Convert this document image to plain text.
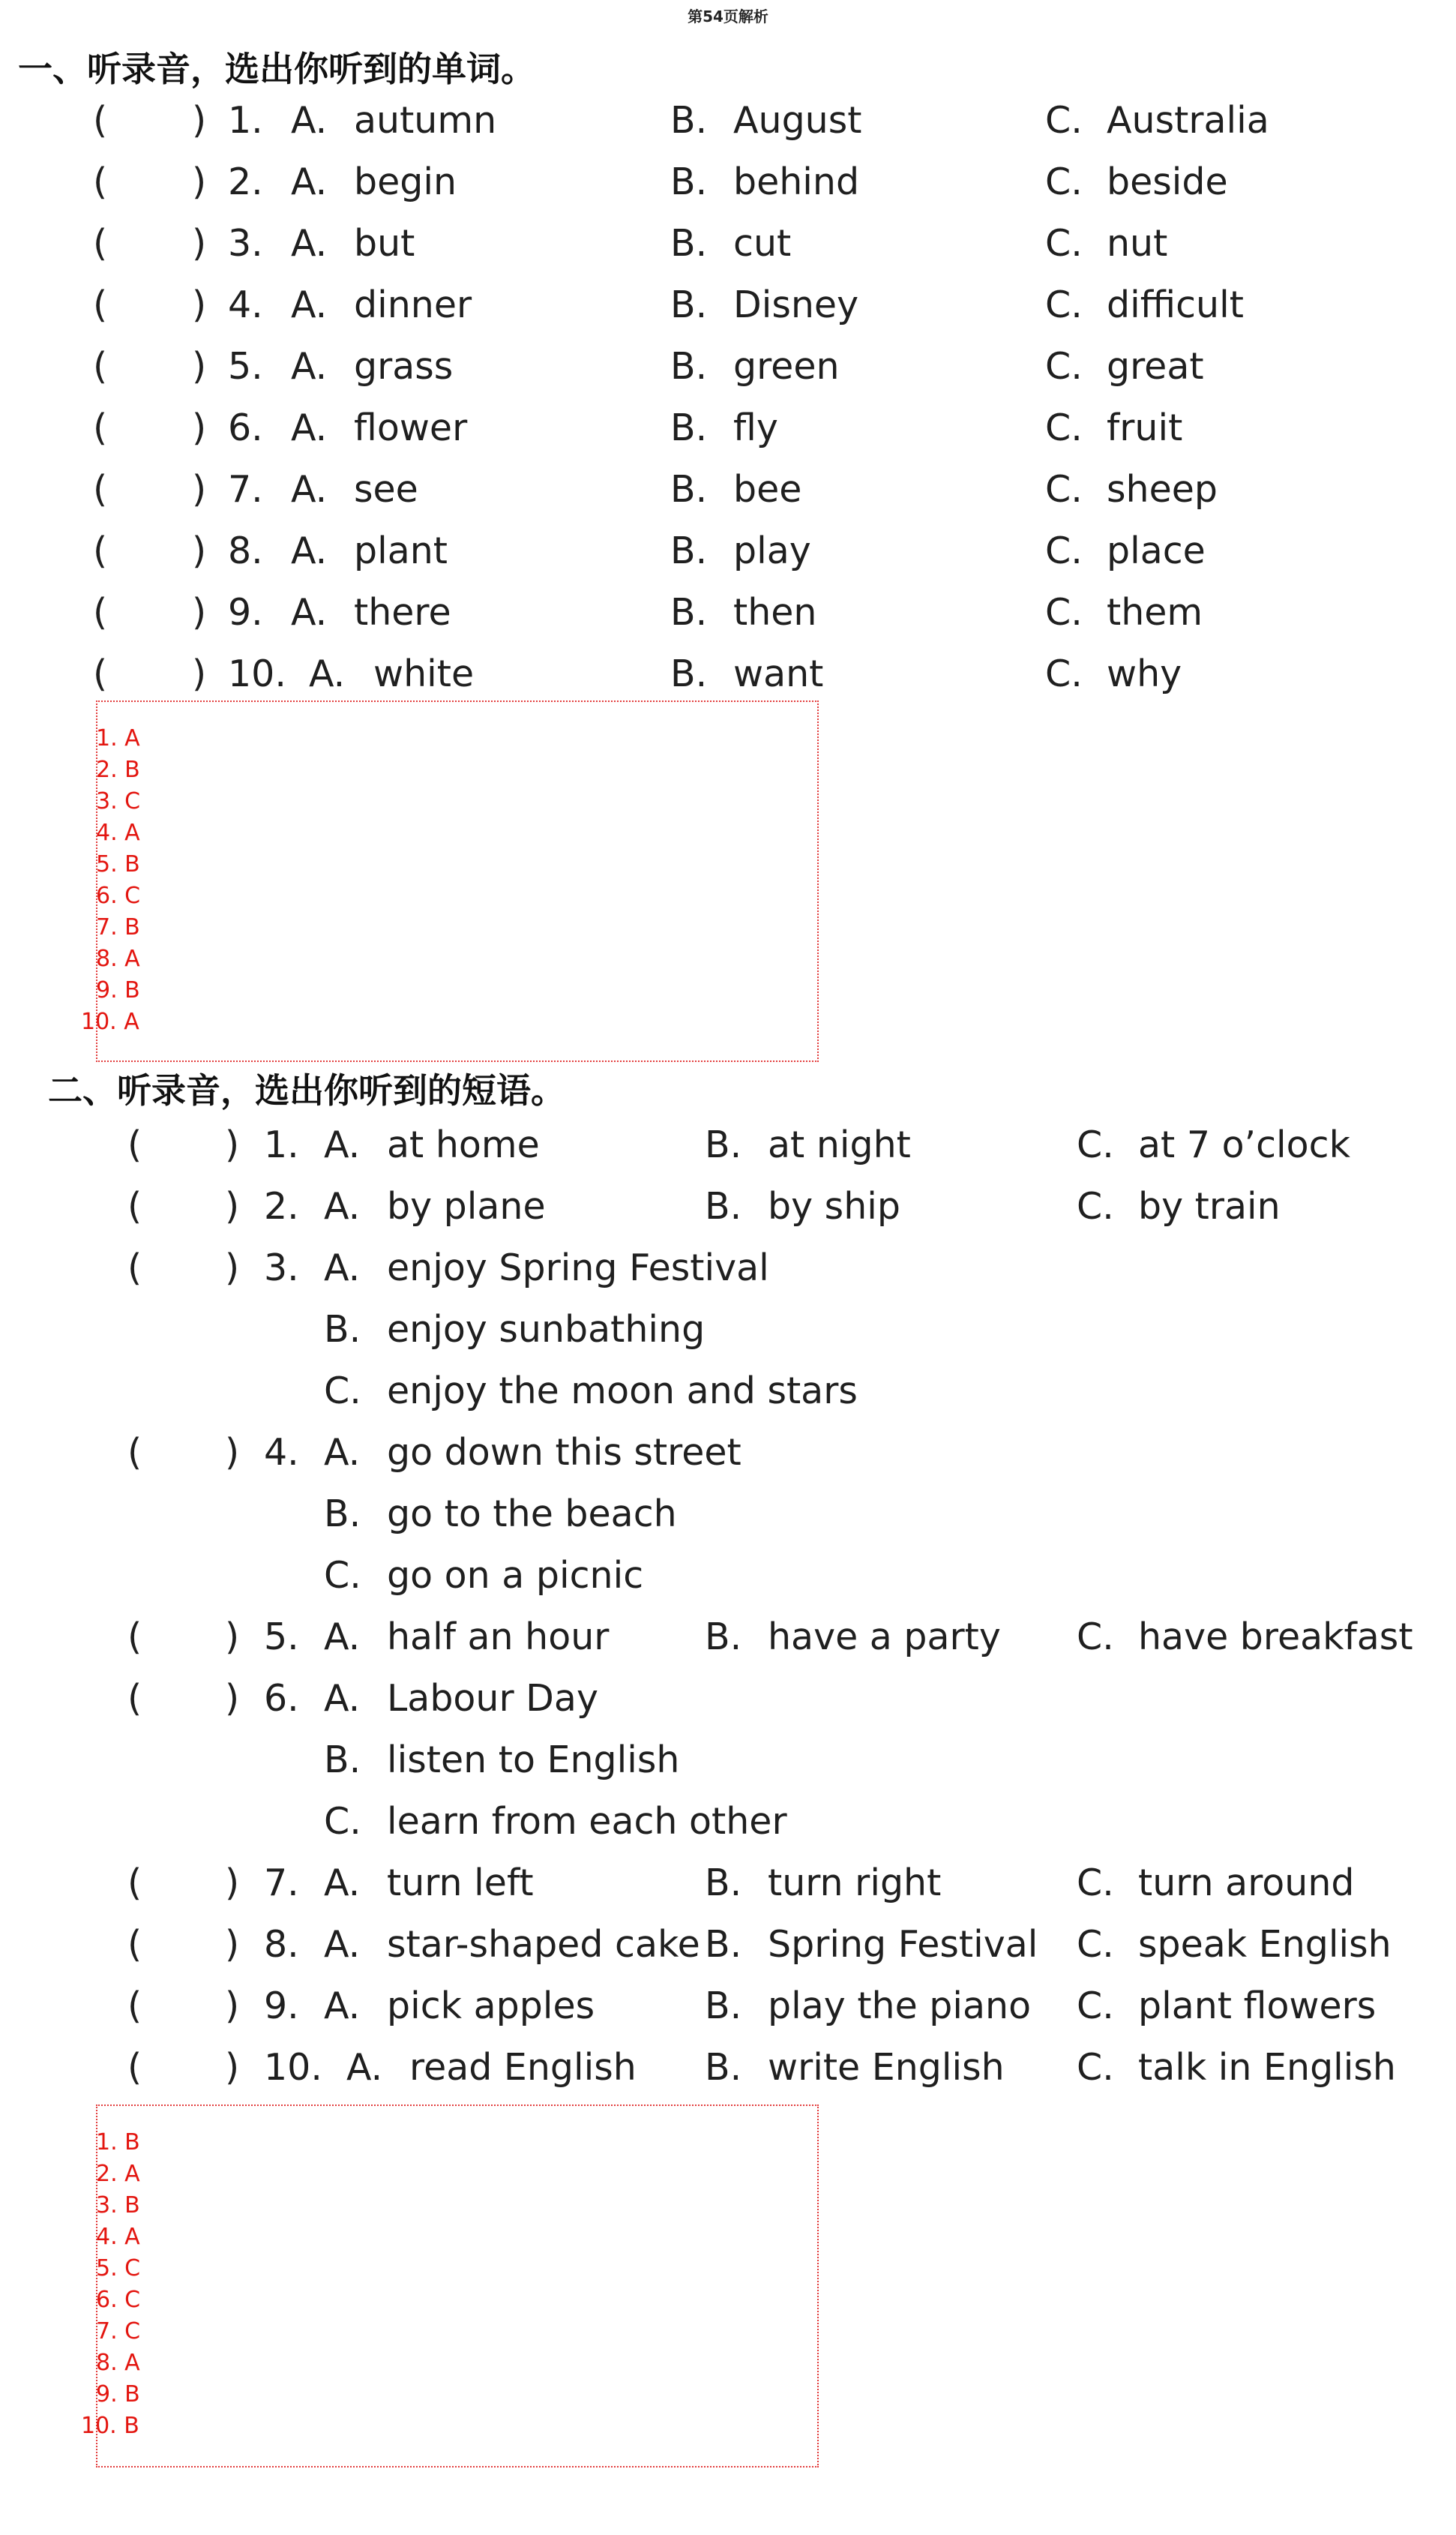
第54页解析
一、听录音，选出你听到的单词。
( ) 1. A. autumn	B. August	C. Australia
( ) 2. A. begin	B. behind	C. beside
( ) 3. A. but	B. cut	C. nut
( ) 4. A. dinner	B. Disney	C. difficult
( ) 5. A. grass	B. green	C. great
( ) 6. A. flower	B. fly	C. fruit
( ) 7. A. see	B. bee	C. sheep
( ) 8. A. plant	B. play	C. place
( ) 9. A. there	B. then	C. them
( ) 10. A. white	B. want	C. why
1. A
2. B
3. C
4. A
5. B
6. C
7. B
8. A
9. B
10. A
二、听录音，选出你听到的短语。
( ) 1. A. at home	B. at night	C. at 7 o’clock
( ) 2. A. by plane	B. by ship	C. by train
( ) 3. A. enjoy Spring Festival
B. enjoy sunbathing
C. enjoy the moon and stars
( ) 4. A. go down this street
B. go to the beach
C. go on a picnic
( ) 5. A. half an hour	B. have a party C. have breakfast
( ) 6. A. Labour Day
B. listen to English
C. learn from each other
( ) 7. A. turn left	B. turn right	C. turn around
( ) 8. A. star-shaped cake B. Spring Festival C. speak English
( ) 9. A. pick apples	B. play the piano C. plant flowers
( ) 10. A. read English B. write English C. talk in English
1. B
2. A
3. B
4. A
5. C
6. C
7. C
8. A
9. B
10. B
